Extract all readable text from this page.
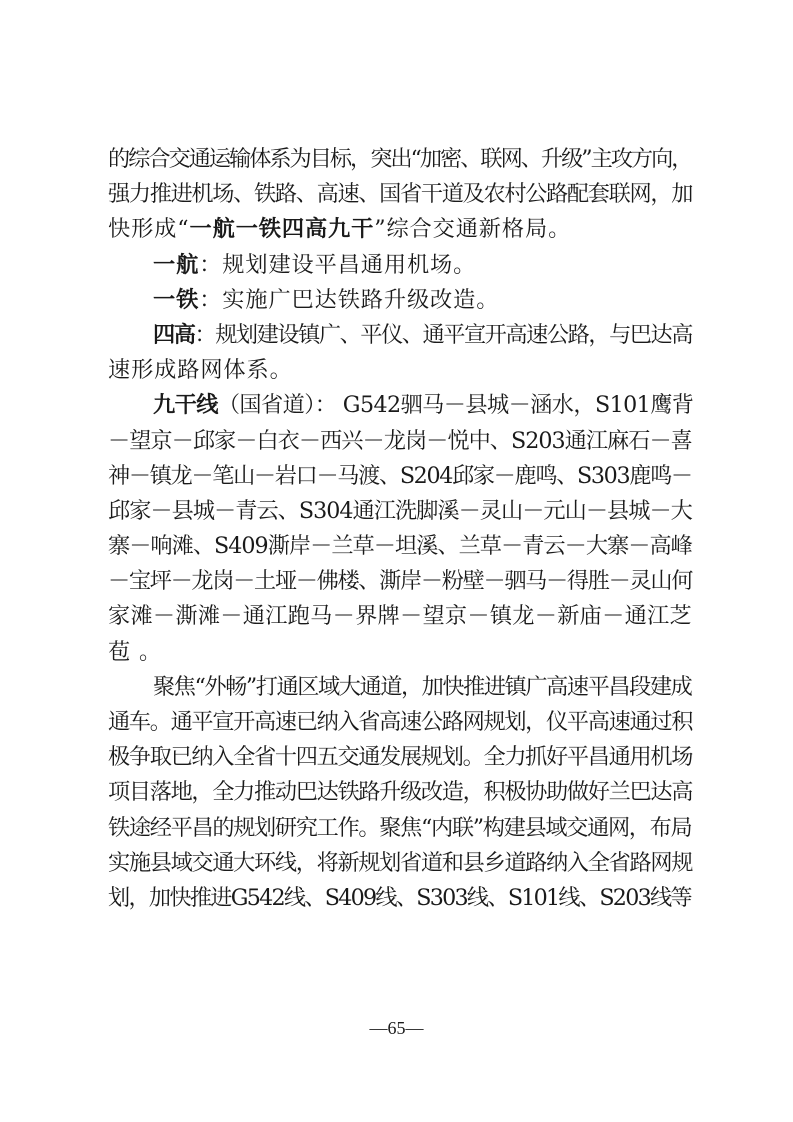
的综合交通运输体系为目标，突出“加密、联网、升级”主攻方向，
强力推进机场、铁路、高速、国省干道及农村公路配套联网，加
快形成“一航一铁四高九干”综合交通新格局。
一航：规划建设平昌通用机场。
一铁：实施广巴达铁路升级改造。
四高：规划建设镇广、平仪、通平宣开高速公路，与巴达高
速形成路网体系。
九干线（国省道）： G542驷马－县城－涵水，S101鹰背
－望京－邱家－白衣－西兴－龙岗－悦中、S203通江麻石－喜
神－镇龙－笔山－岩口－马渡、S204邱家－鹿鸣、S303鹿鸣－
邱家－县城－青云、S304通江洗脚溪－灵山－元山－县城－大
寨－响滩、S409澌岸－兰草－坦溪、兰草－青云－大寨－高峰
－宝坪－龙岗－土垭－佛楼、澌岸－粉壁－驷马－得胜－灵山何
家滩－澌滩－通江跑马－界牌－望京－镇龙－新庙－通江芝
苞 。
聚焦“外畅”打通区域大通道，加快推进镇广高速平昌段建成
通车。通平宣开高速已纳入省高速公路网规划，仪平高速通过积
极争取已纳入全省十四五交通发展规划。全力抓好平昌通用机场
项目落地，全力推动巴达铁路升级改造，积极协助做好兰巴达高
铁途经平昌的规划研究工作。聚焦“内联”构建县域交通网，布局
实施县域交通大环线，将新规划省道和县乡道路纳入全省路网规
划，加快推进G542线、S409线、S303线、S101线、S203线等
—65—
